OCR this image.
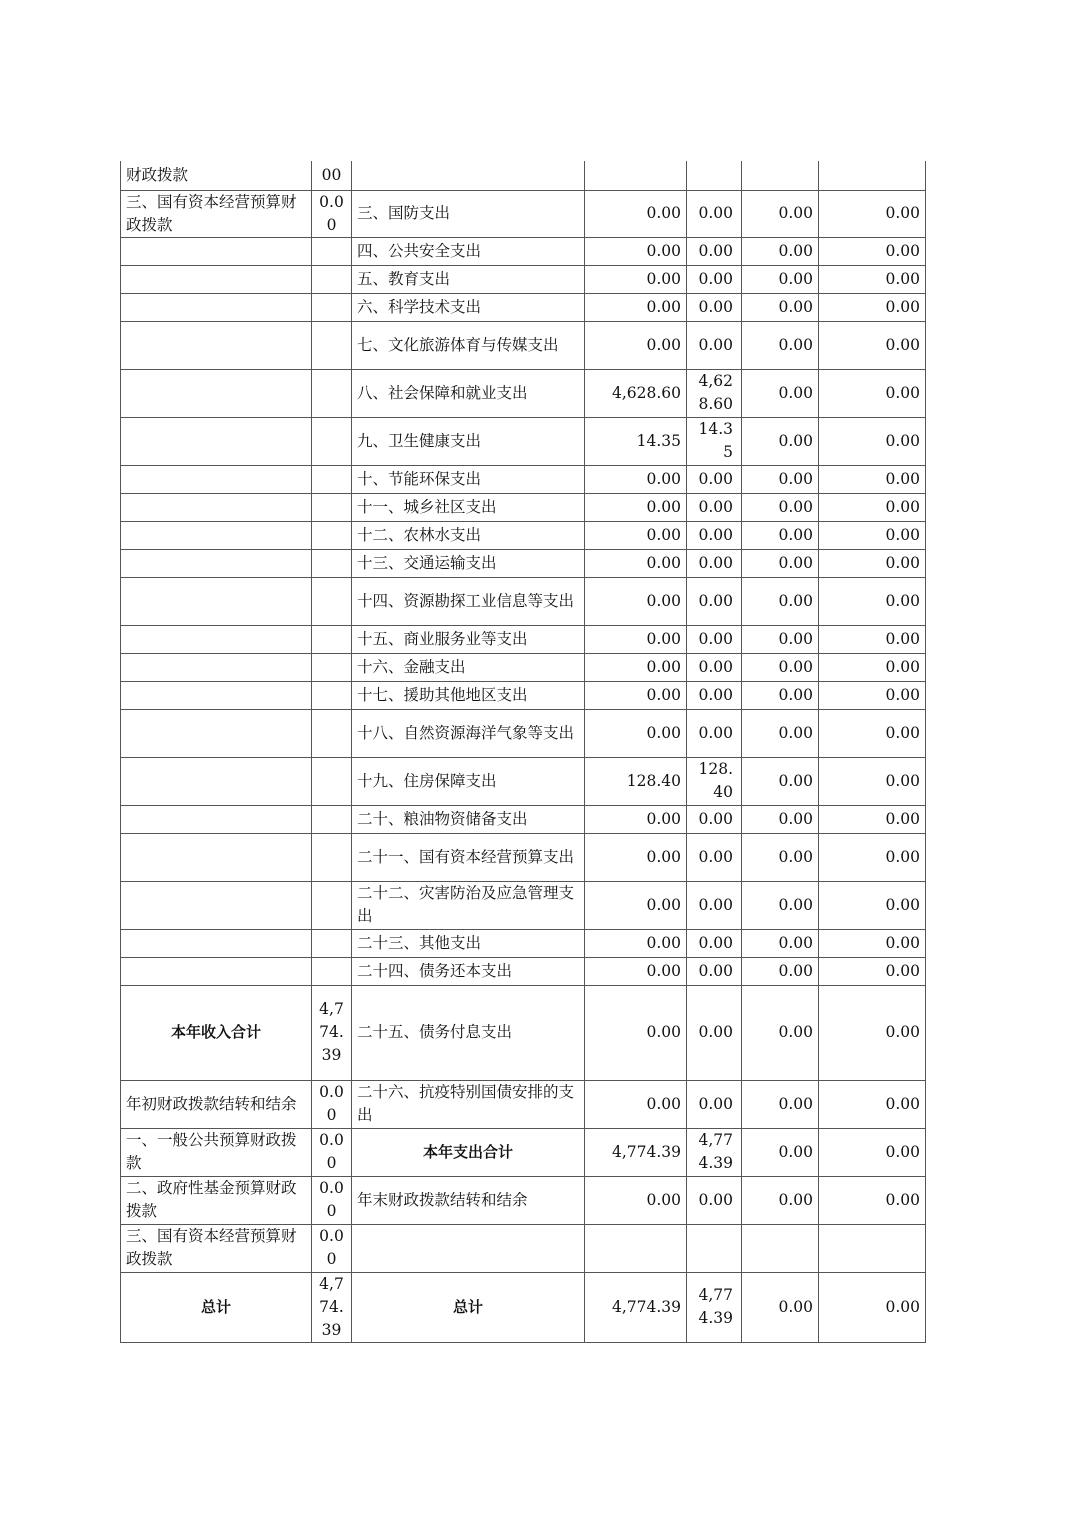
财政拨款	00					
三、国有资本经营预算财政拨款	0.00	三、国防支出	0.00	0.00	0.00	0.00
		四、公共安全支出	0.00	0.00	0.00	0.00
		五、教育支出	0.00	0.00	0.00	0.00
		六、科学技术支出	0.00	0.00	0.00	0.00
		七、文化旅游体育与传媒支出	0.00	0.00	0.00	0.00
		八、社会保障和就业支出	4,628.60	4,628.60	0.00	0.00
		九、卫生健康支出	14.35	14.35	0.00	0.00
		十、节能环保支出	0.00	0.00	0.00	0.00
		十一、城乡社区支出	0.00	0.00	0.00	0.00
		十二、农林水支出	0.00	0.00	0.00	0.00
		十三、交通运输支出	0.00	0.00	0.00	0.00
		十四、资源勘探工业信息等支出	0.00	0.00	0.00	0.00
		十五、商业服务业等支出	0.00	0.00	0.00	0.00
		十六、金融支出	0.00	0.00	0.00	0.00
		十七、援助其他地区支出	0.00	0.00	0.00	0.00
		十八、自然资源海洋气象等支出	0.00	0.00	0.00	0.00
		十九、住房保障支出	128.40	128.40	0.00	0.00
		二十、粮油物资储备支出	0.00	0.00	0.00	0.00
		二十一、国有资本经营预算支出	0.00	0.00	0.00	0.00
		二十二、灾害防治及应急管理支出	0.00	0.00	0.00	0.00
		二十三、其他支出	0.00	0.00	0.00	0.00
		二十四、债务还本支出	0.00	0.00	0.00	0.00
本年收入合计	4,774.39	二十五、债务付息支出	0.00	0.00	0.00	0.00
年初财政拨款结转和结余	0.00	二十六、抗疫特别国债安排的支出	0.00	0.00	0.00	0.00
一、一般公共预算财政拨款	0.00	本年支出合计	4,774.39	4,774.39	0.00	0.00
二、政府性基金预算财政拨款	0.00	年末财政拨款结转和结余	0.00	0.00	0.00	0.00
三、国有资本经营预算财政拨款	0.00					
总计	4,774.39	总计	4,774.39	4,774.39	0.00	0.00
